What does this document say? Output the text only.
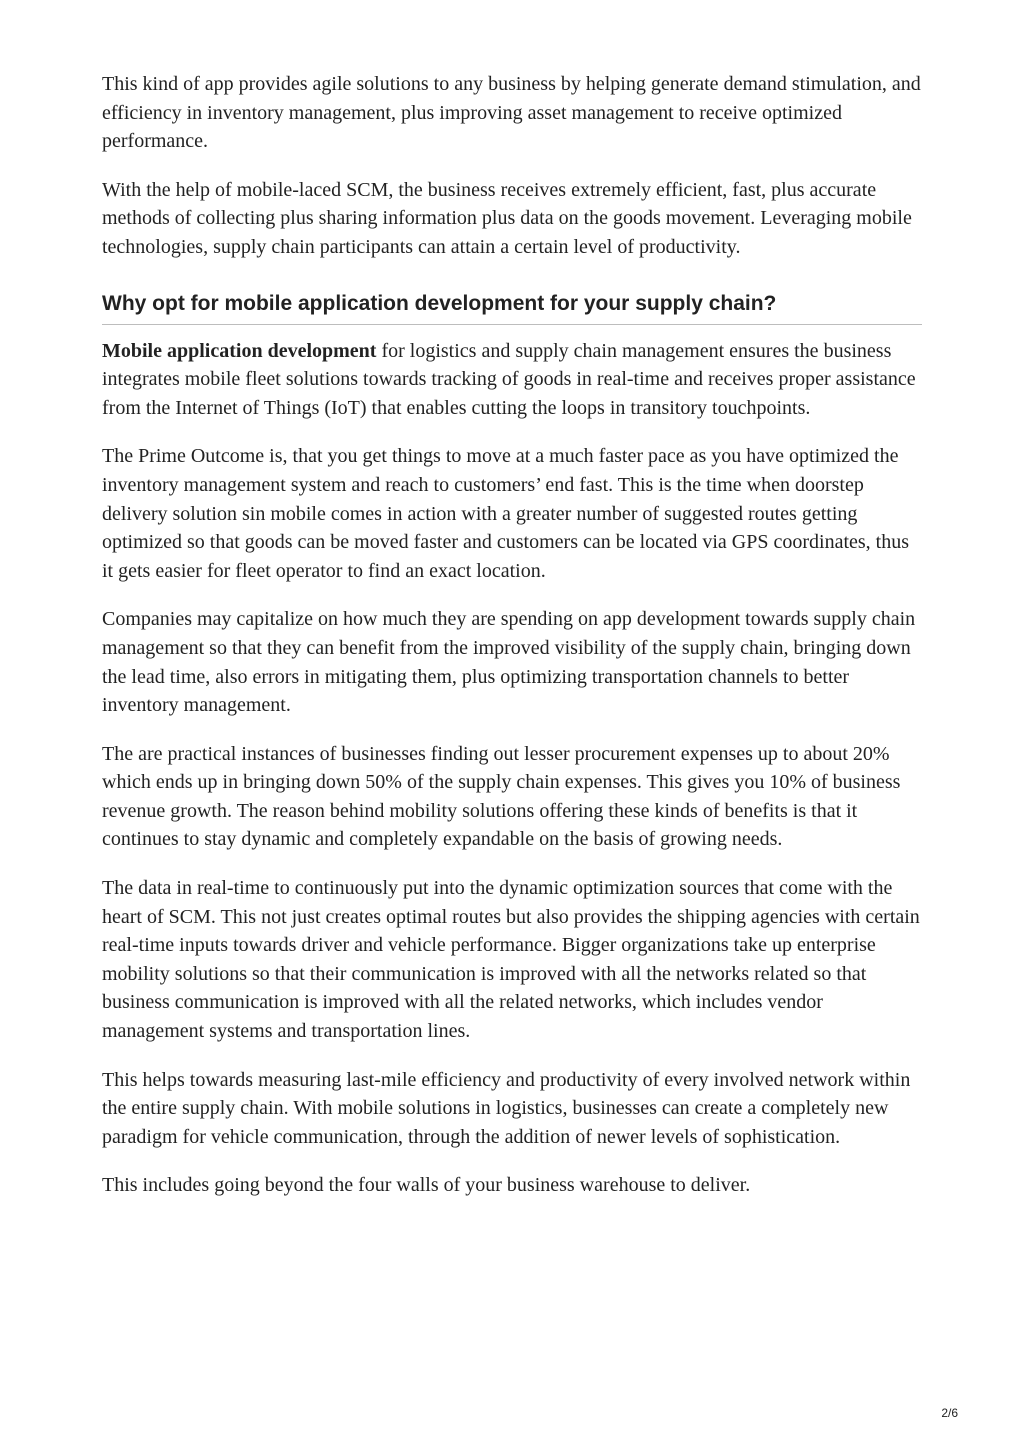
This kind of app provides agile solutions to any business by helping generate demand stimulation, and efficiency in inventory management, plus improving asset management to receive optimized performance.

With the help of mobile-laced SCM, the business receives extremely efficient, fast, plus accurate methods of collecting plus sharing information plus data on the goods movement. Leveraging mobile technologies, supply chain participants can attain a certain level of productivity.

Why opt for mobile application development for your supply chain?

Mobile application development for logistics and supply chain management ensures the business integrates mobile fleet solutions towards tracking of goods in real-time and receives proper assistance from the Internet of Things (IoT) that enables cutting the loops in transitory touchpoints.

The Prime Outcome is, that you get things to move at a much faster pace as you have optimized the inventory management system and reach to customers’ end fast. This is the time when doorstep delivery solution sin mobile comes in action with a greater number of suggested routes getting optimized so that goods can be moved faster and customers can be located via GPS coordinates, thus it gets easier for fleet operator to find an exact location.

Companies may capitalize on how much they are spending on app development towards supply chain management so that they can benefit from the improved visibility of the supply chain, bringing down the lead time, also errors in mitigating them, plus optimizing transportation channels to better inventory management.

The are practical instances of businesses finding out lesser procurement expenses up to about 20% which ends up in bringing down 50% of the supply chain expenses. This gives you 10% of business revenue growth. The reason behind mobility solutions offering these kinds of benefits is that it continues to stay dynamic and completely expandable on the basis of growing needs.

The data in real-time to continuously put into the dynamic optimization sources that come with the heart of SCM. This not just creates optimal routes but also provides the shipping agencies with certain real-time inputs towards driver and vehicle performance. Bigger organizations take up enterprise mobility solutions so that their communication is improved with all the networks related so that business communication is improved with all the related networks, which includes vendor management systems and transportation lines.

This helps towards measuring last-mile efficiency and productivity of every involved network within the entire supply chain. With mobile solutions in logistics, businesses can create a completely new paradigm for vehicle communication, through the addition of newer levels of sophistication.

This includes going beyond the four walls of your business warehouse to deliver.

2/6
